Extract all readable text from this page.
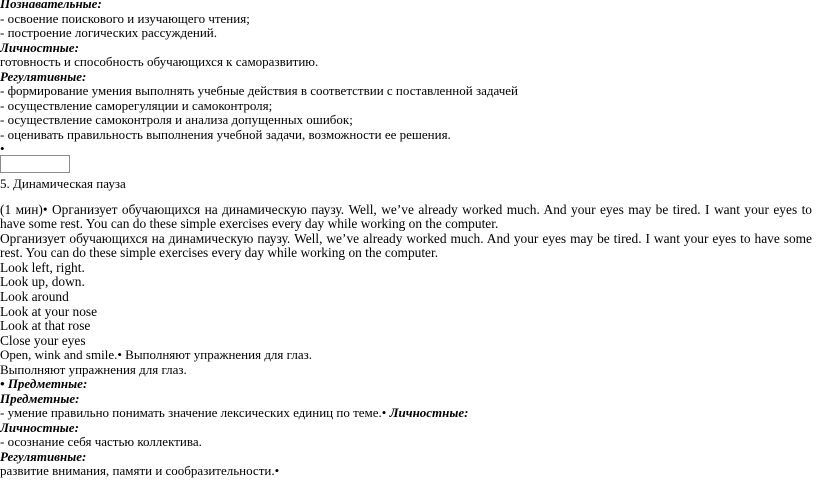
Познавательные:

- освоение поискового и изучающего чтения;

- построение логических рассуждений.

Личностные:

готовность и способность обучающихся к саморазвитию.

Регулятивные:

- формирование умения выполнять учебные действия в соответствии с поставленной задачей

- осуществление саморегуляции и самоконтроля;

- осуществление самоконтроля и анализа допущенных ошибок;

- оценивать правильность выполнения учебной задачи, возможности ее решения.

•

5. Динамическая пауза

(1 мин)• Организует обучающихся на динамическую паузу. Well, we’ve already worked much. And your eyes may be tired. I want your eyes to have some rest. You can do these simple exercises every day while working on the computer.

Организует обучающихся на динамическую паузу. Well, we’ve already worked much. And your eyes may be tired. I want your eyes to have some rest. You can do these simple exercises every day while working on the computer.

Look left, right.

Look up, down.

Look around

Look at your nose

Look at that rose

Close your eyes

Open, wink and smile.• Выполняют упражнения для глаз.

Выполняют упражнения для глаз.

• Предметные:

Предметные:

- умение правильно понимать значение лексических единиц по теме.• Личностные:

Личностные:

- осознание себя частью коллектива.

Регулятивные:

развитие внимания, памяти и сообразительности.•
